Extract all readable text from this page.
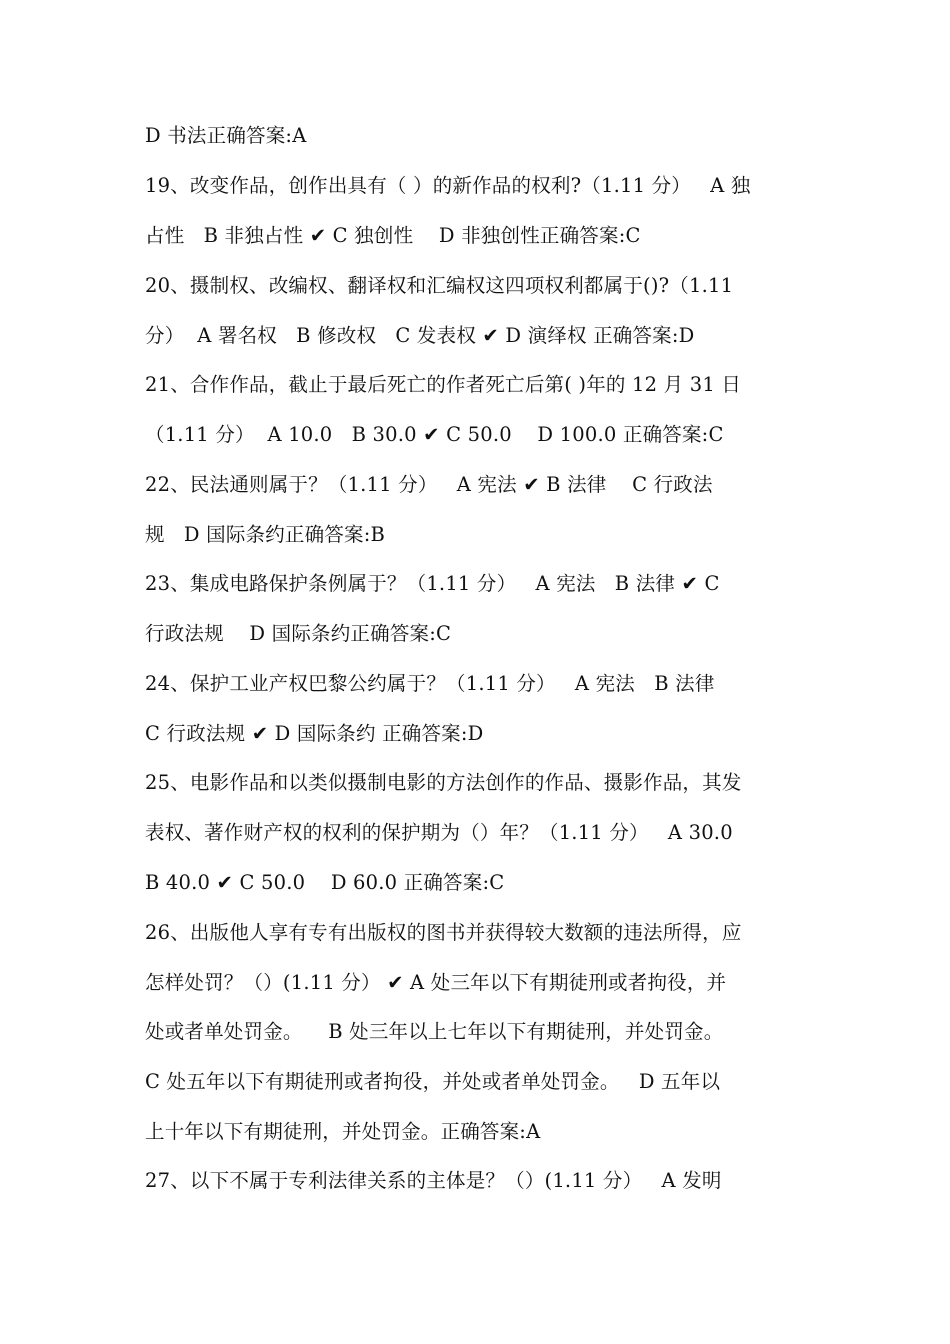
D 书法正确答案:A
19、改变作品，创作出具有（ ）的新作品的权利?（1.11 分）   A 独
占性   B 非独占性 ✔ C 独创性    D 非独创性正确答案:C
20、摄制权、改编权、翻译权和汇编权这四项权利都属于()?（1.11
分）  A 署名权   B 修改权   C 发表权 ✔ D 演绎权 正确答案:D
21、合作作品，截止于最后死亡的作者死亡后第( )年的 12 月 31 日
（1.11 分）  A 10.0   B 30.0 ✔ C 50.0    D 100.0 正确答案:C
22、民法通则属于？（1.11 分）   A 宪法 ✔ B 法律    C 行政法
规   D 国际条约正确答案:B
23、集成电路保护条例属于？（1.11 分）   A 宪法   B 法律 ✔ C
行政法规    D 国际条约正确答案:C
24、保护工业产权巴黎公约属于？（1.11 分）   A 宪法   B 法律
C 行政法规 ✔ D 国际条约 正确答案:D
25、电影作品和以类似摄制电影的方法创作的作品、摄影作品，其发
表权、著作财产权的权利的保护期为（）年？（1.11 分）   A 30.0
B 40.0 ✔ C 50.0    D 60.0 正确答案:C
26、出版他人享有专有出版权的图书并获得较大数额的违法所得，应
怎样处罚？（）(1.11 分） ✔ A 处三年以下有期徒刑或者拘役，并
处或者单处罚金。    B 处三年以上七年以下有期徒刑，并处罚金。
C 处五年以下有期徒刑或者拘役，并处或者单处罚金。   D 五年以
上十年以下有期徒刑，并处罚金。正确答案:A
27、以下不属于专利法律关系的主体是？（）(1.11 分）   A 发明
